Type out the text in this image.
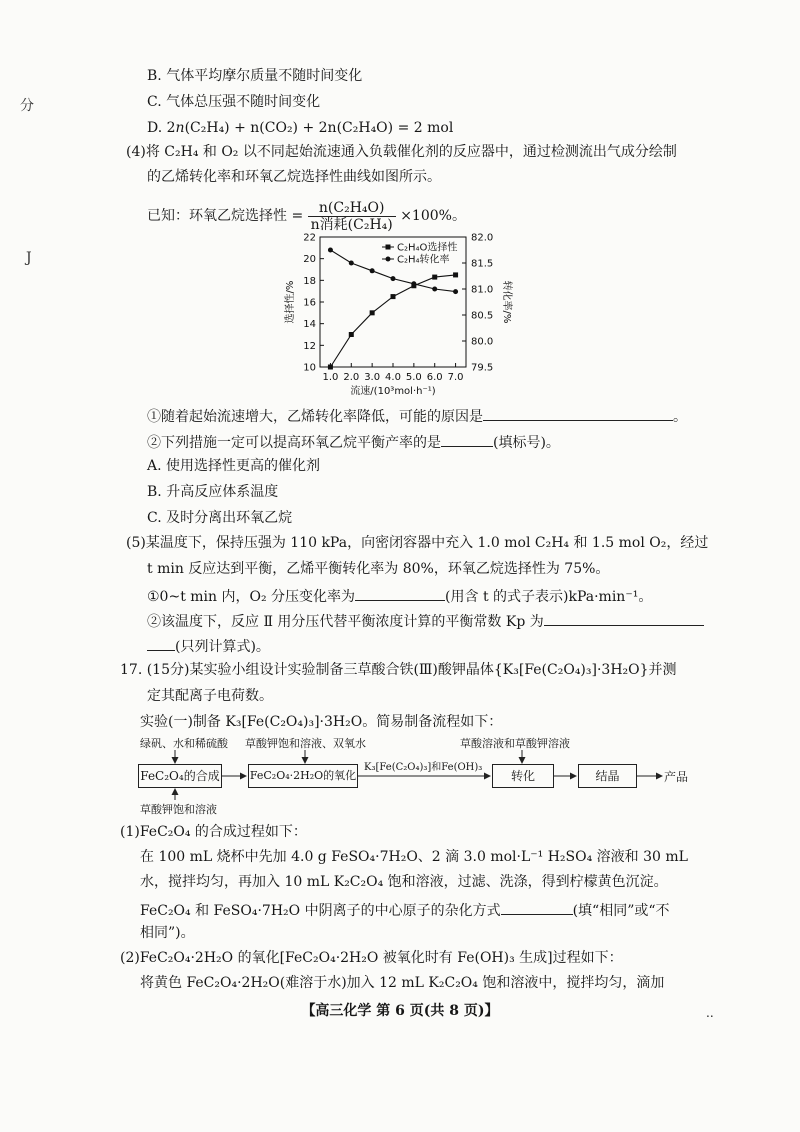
分
J
B. 气体平均摩尔质量不随时间变化
C. 气体总压强不随时间变化
D. 2n(C₂H₄) + n(CO₂) + 2n(C₂H₄O) = 2 mol
(4)将 C₂H₄ 和 O₂ 以不同起始流速通入负载催化剂的反应器中，通过检测流出气成分绘制
的乙烯转化率和环氧乙烷选择性曲线如图所示。
已知：环氧乙烷选择性 = $\frac{\text{n(C₂H₄O)}}{\text{n消耗(C₂H₄)}} \times 100\%$。
10
12
14
16
18
20
22
79.5
80.0
80.5
81.0
81.5
82.0
1.0 2.0 3.0 4.0 5.0 6.0 7.0
流速/(10³mol·h⁻¹)
选择性/%	转化率/%
C₂H₄O选择性
C₂H₄转化率
①随着起始流速增大，乙烯转化率降低，可能的原因是	。
②下列措施一定可以提高环氧乙烷平衡产率的是	(填标号)。
A. 使用选择性更高的催化剂
B. 升高反应体系温度
C. 及时分离出环氧乙烷
(5)某温度下，保持压强为 110 kPa，向密闭容器中充入 1.0 mol C₂H₄ 和 1.5 mol O₂，经过
t min 反应达到平衡，乙烯平衡转化率为 80%，环氧乙烷选择性为 75%。
①0~t min 内，O₂ 分压变化率为	(用含 t 的式子表示)kPa·min⁻¹。
②该温度下，反应 Ⅱ 用分压代替平衡浓度计算的平衡常数 Kp 为
(只列计算式)。
17. (15分)某实验小组设计实验制备三草酸合铁(Ⅲ)酸钾晶体{K₃[Fe(C₂O₄)₃]·3H₂O}并测
定其配离子电荷数。
实验(一)制备 K₃[Fe(C₂O₄)₃]·3H₂O。简易制备流程如下：
绿矾、水和稀硫酸 草酸钾饱和溶液、双氧水	草酸溶液和草酸钾溶液
FeC₂O₄的合成	FeC₂O₄·2H₂O的氧化
K₃[Fe(C₂O₄)₃]和Fe(OH)₃
转化	结晶	产品
草酸钾饱和溶液
(1)FeC₂O₄ 的合成过程如下：
在 100 mL 烧杯中先加 4.0 g FeSO₄·7H₂O、2 滴 3.0 mol·L⁻¹ H₂SO₄ 溶液和 30 mL
水，搅拌均匀，再加入 10 mL K₂C₂O₄ 饱和溶液，过滤、洗涤，得到柠檬黄色沉淀。
FeC₂O₄ 和 FeSO₄·7H₂O 中阴离子的中心原子的杂化方式	(填“相同”或“不
相同”)。
(2)FeC₂O₄·2H₂O 的氧化[FeC₂O₄·2H₂O 被氧化时有 Fe(OH)₃ 生成]过程如下：
将黄色 FeC₂O₄·2H₂O(难溶于水)加入 12 mL K₂C₂O₄ 饱和溶液中，搅拌均匀，滴加
【高三化学 第 6 页(共 8 页)】	..
